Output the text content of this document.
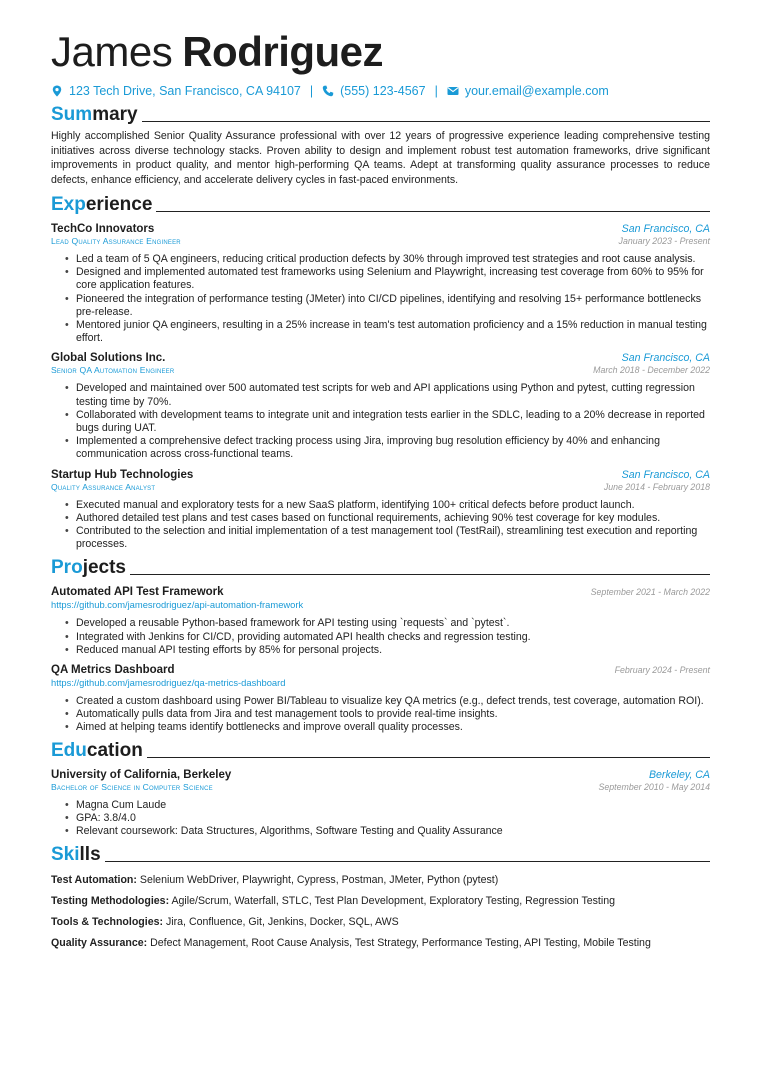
James Rodriguez
123 Tech Drive, San Francisco, CA 94107 | (555) 123-4567 | your.email@example.com
Summary
Highly accomplished Senior Quality Assurance professional with over 12 years of progressive experience leading comprehensive testing initiatives across diverse technology stacks. Proven ability to design and implement robust test automation frameworks, drive significant improvements in product quality, and mentor high-performing QA teams. Adept at transforming quality assurance processes to reduce defects, enhance efficiency, and accelerate delivery cycles in fast-paced environments.
Experience
TechCo Innovators	San Francisco, CA
Lead Quality Assurance Engineer	January 2023 - Present
• Led a team of 5 QA engineers, reducing critical production defects by 30% through improved test strategies and root cause analysis.
• Designed and implemented automated test frameworks using Selenium and Playwright, increasing test coverage from 60% to 95% for core application features.
• Pioneered the integration of performance testing (JMeter) into CI/CD pipelines, identifying and resolving 15+ performance bottlenecks pre-release.
• Mentored junior QA engineers, resulting in a 25% increase in team's test automation proficiency and a 15% reduction in manual testing effort.
Global Solutions Inc.	San Francisco, CA
Senior QA Automation Engineer	March 2018 - December 2022
• Developed and maintained over 500 automated test scripts for web and API applications using Python and pytest, cutting regression testing time by 70%.
• Collaborated with development teams to integrate unit and integration tests earlier in the SDLC, leading to a 20% decrease in reported bugs during UAT.
• Implemented a comprehensive defect tracking process using Jira, improving bug resolution efficiency by 40% and enhancing communication across cross-functional teams.
Startup Hub Technologies	San Francisco, CA
Quality Assurance Analyst	June 2014 - February 2018
• Executed manual and exploratory tests for a new SaaS platform, identifying 100+ critical defects before product launch.
• Authored detailed test plans and test cases based on functional requirements, achieving 90% test coverage for key modules.
• Contributed to the selection and initial implementation of a test management tool (TestRail), streamlining test execution and reporting processes.
Projects
Automated API Test Framework	September 2021 - March 2022
https://github.com/jamesrodriguez/api-automation-framework
• Developed a reusable Python-based framework for API testing using `requests` and `pytest`.
• Integrated with Jenkins for CI/CD, providing automated API health checks and regression testing.
• Reduced manual API testing efforts by 85% for personal projects.
QA Metrics Dashboard	February 2024 - Present
https://github.com/jamesrodriguez/qa-metrics-dashboard
• Created a custom dashboard using Power BI/Tableau to visualize key QA metrics (e.g., defect trends, test coverage, automation ROI).
• Automatically pulls data from Jira and test management tools to provide real-time insights.
• Aimed at helping teams identify bottlenecks and improve overall quality processes.
Education
University of California, Berkeley	Berkeley, CA
Bachelor of Science in Computer Science	September 2010 - May 2014
• Magna Cum Laude
• GPA: 3.8/4.0
• Relevant coursework: Data Structures, Algorithms, Software Testing and Quality Assurance
Skills
Test Automation: Selenium WebDriver, Playwright, Cypress, Postman, JMeter, Python (pytest)
Testing Methodologies: Agile/Scrum, Waterfall, STLC, Test Plan Development, Exploratory Testing, Regression Testing
Tools & Technologies: Jira, Confluence, Git, Jenkins, Docker, SQL, AWS
Quality Assurance: Defect Management, Root Cause Analysis, Test Strategy, Performance Testing, API Testing, Mobile Testing
